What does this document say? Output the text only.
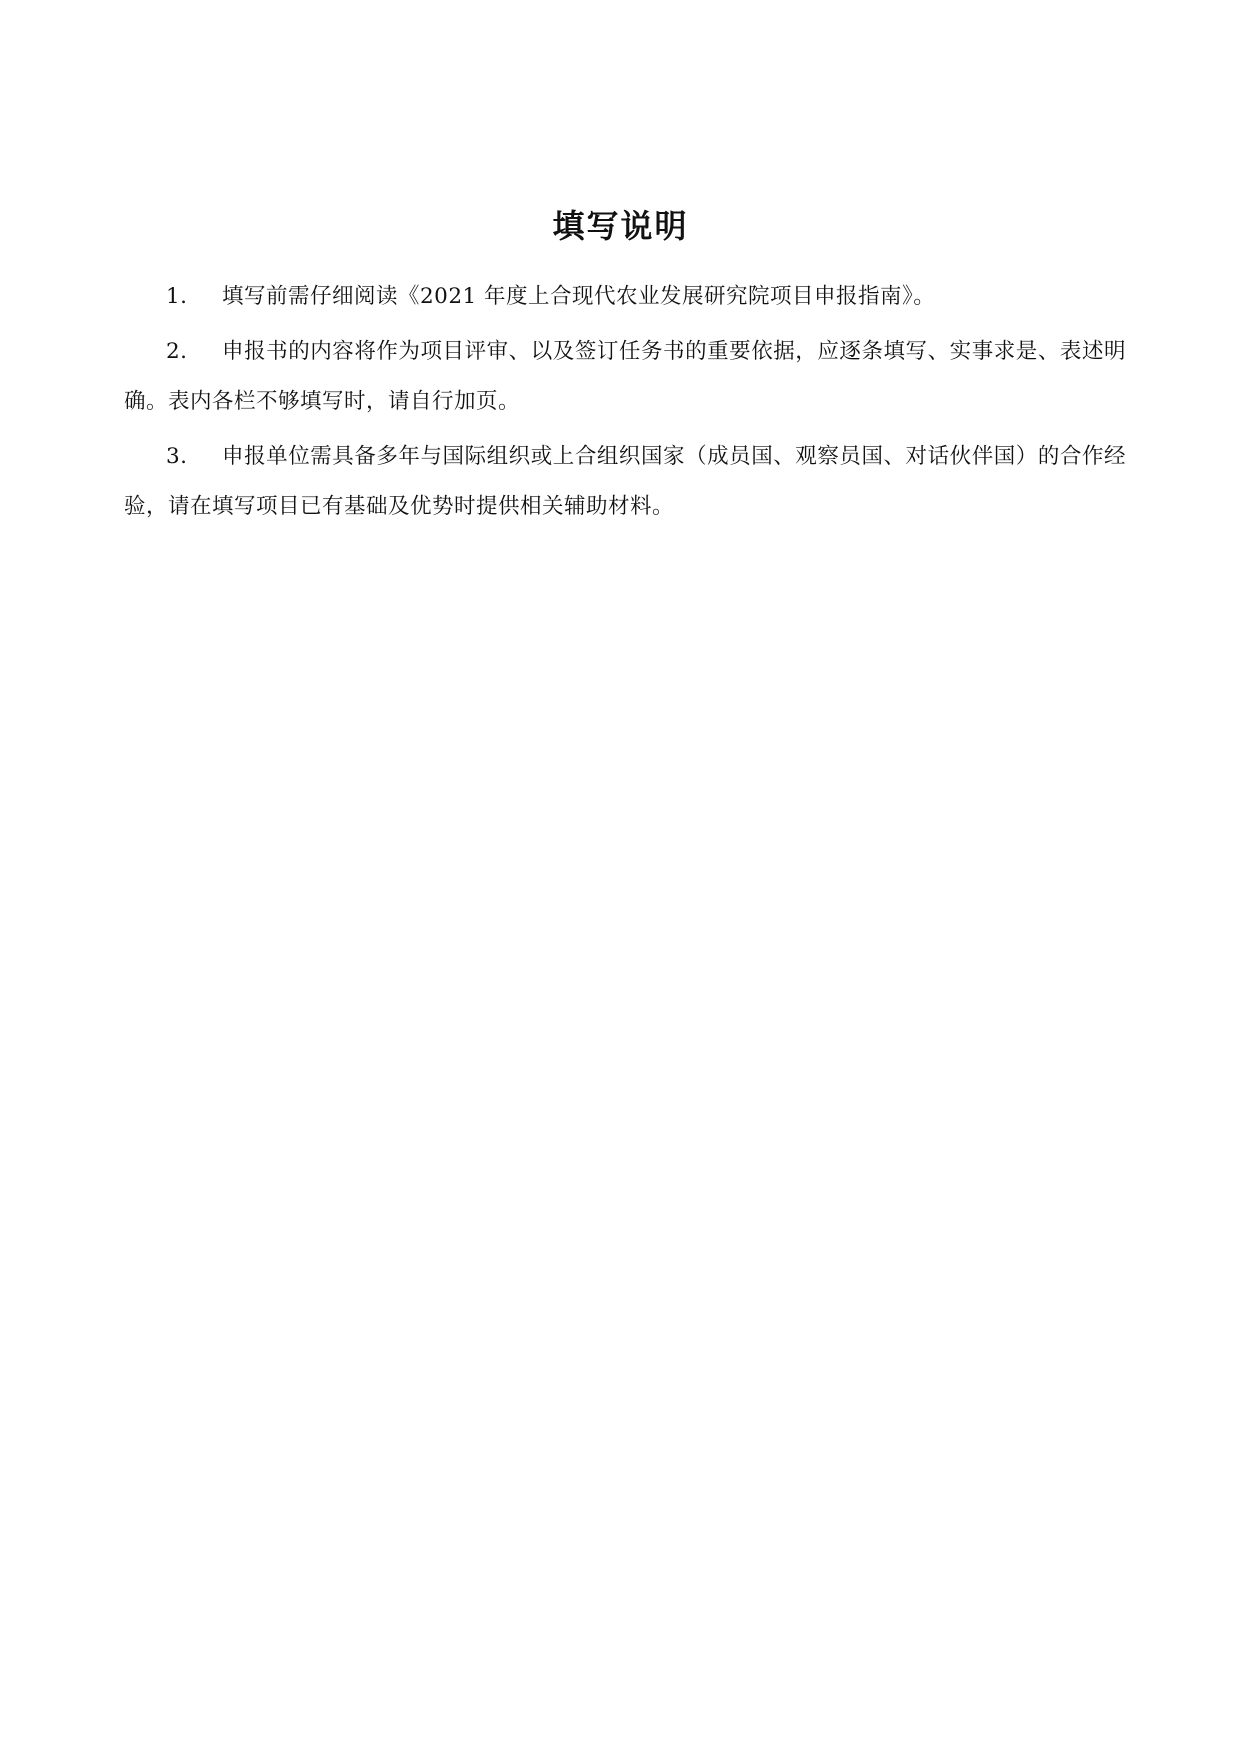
填写说明
1. 填写前需仔细阅读《2021 年度上合现代农业发展研究院项目申报指南》。
2. 申报书的内容将作为项目评审、以及签订任务书的重要依据，应逐条填写、实事求是、表述明确。表内各栏不够填写时，请自行加页。
3. 申报单位需具备多年与国际组织或上合组织国家（成员国、观察员国、对话伙伴国）的合作经验，请在填写项目已有基础及优势时提供相关辅助材料。
